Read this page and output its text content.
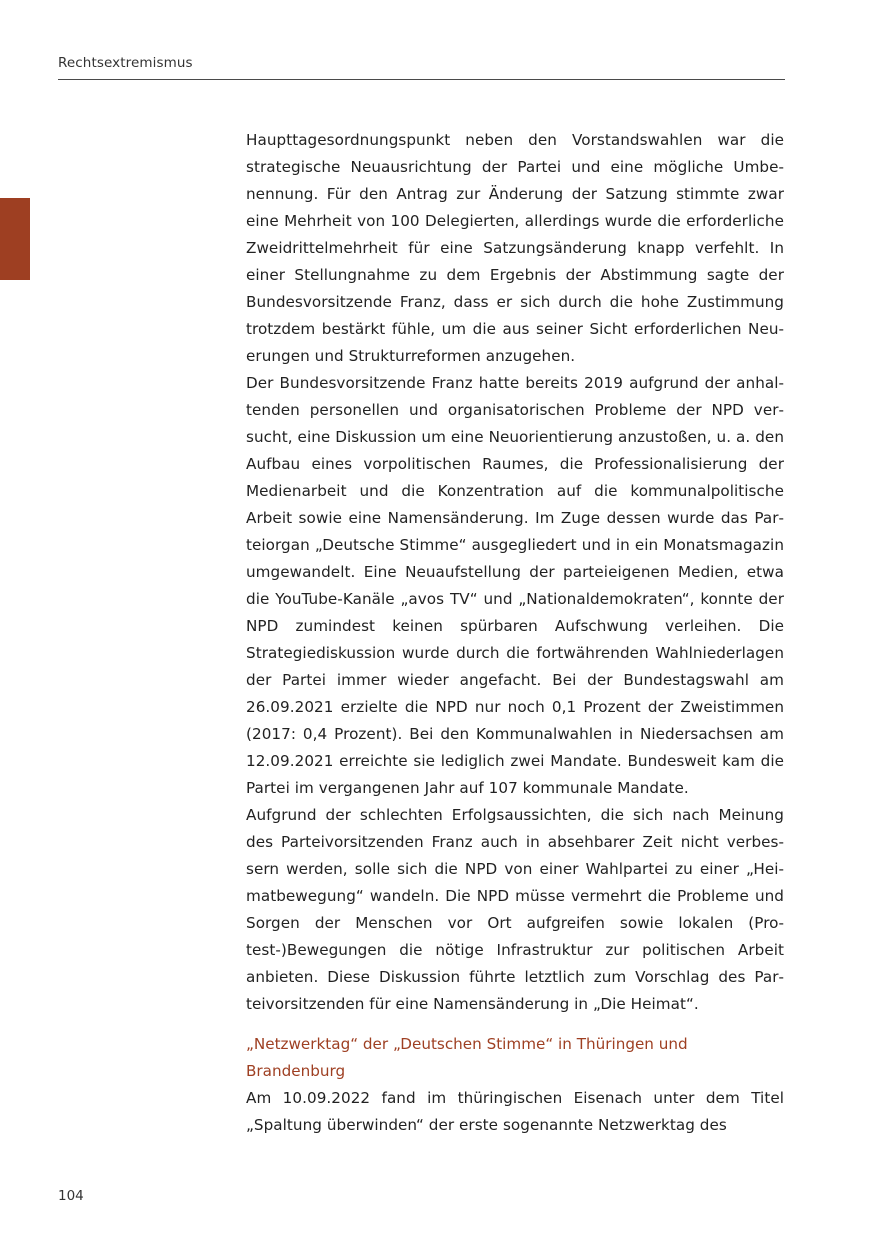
Rechtsextremismus

Haupttagesordnungspunkt neben den Vorstandswahlen war die strategische Neuausrichtung der Partei und eine mögliche Umbenennung. Für den Antrag zur Änderung der Satzung stimmte zwar eine Mehrheit von 100 Delegierten, allerdings wurde die erforderliche Zweidrittelmehrheit für eine Satzungsänderung knapp verfehlt. In einer Stellungnahme zu dem Ergebnis der Abstimmung sagte der Bundesvorsitzende Franz, dass er sich durch die hohe Zustimmung trotzdem bestärkt fühle, um die aus seiner Sicht erforderlichen Neuerungen und Strukturreformen anzugehen.

Der Bundesvorsitzende Franz hatte bereits 2019 aufgrund der anhaltenden personellen und organisatorischen Probleme der NPD versucht, eine Diskussion um eine Neuorientierung anzustoßen, u. a. den Aufbau eines vorpolitischen Raumes, die Professionalisierung der Medienarbeit und die Konzentration auf die kommunalpolitische Arbeit sowie eine Namensänderung. Im Zuge dessen wurde das Parteiorgan „Deutsche Stimme“ ausgegliedert und in ein Monatsmagazin umgewandelt. Eine Neuaufstellung der parteieigenen Medien, etwa die YouTube-Kanäle „avos TV“ und „Nationaldemokraten“, konnte der NPD zumindest keinen spürbaren Aufschwung verleihen. Die Strategiediskussion wurde durch die fortwährenden Wahlniederlagen der Partei immer wieder angefacht. Bei der Bundestagswahl am 26.09.2021 erzielte die NPD nur noch 0,1 Prozent der Zweistimmen (2017: 0,4 Prozent). Bei den Kommunalwahlen in Niedersachsen am 12.09.2021 erreichte sie lediglich zwei Mandate. Bundesweit kam die Partei im vergangenen Jahr auf 107 kommunale Mandate.

Aufgrund der schlechten Erfolgsaussichten, die sich nach Meinung des Parteivorsitzenden Franz auch in absehbarer Zeit nicht verbessern werden, solle sich die NPD von einer Wahlpartei zu einer „Heimatbewegung“ wandeln. Die NPD müsse vermehrt die Probleme und Sorgen der Menschen vor Ort aufgreifen sowie lokalen (Protest-)Bewegungen die nötige Infrastruktur zur politischen Arbeit anbieten. Diese Diskussion führte letztlich zum Vorschlag des Parteivorsitzenden für eine Namensänderung in „Die Heimat“.

„Netzwerktag“ der „Deutschen Stimme“ in Thüringen und Brandenburg

Am 10.09.2022 fand im thüringischen Eisenach unter dem Titel „Spaltung überwinden“ der erste sogenannte Netzwerktag des

104
